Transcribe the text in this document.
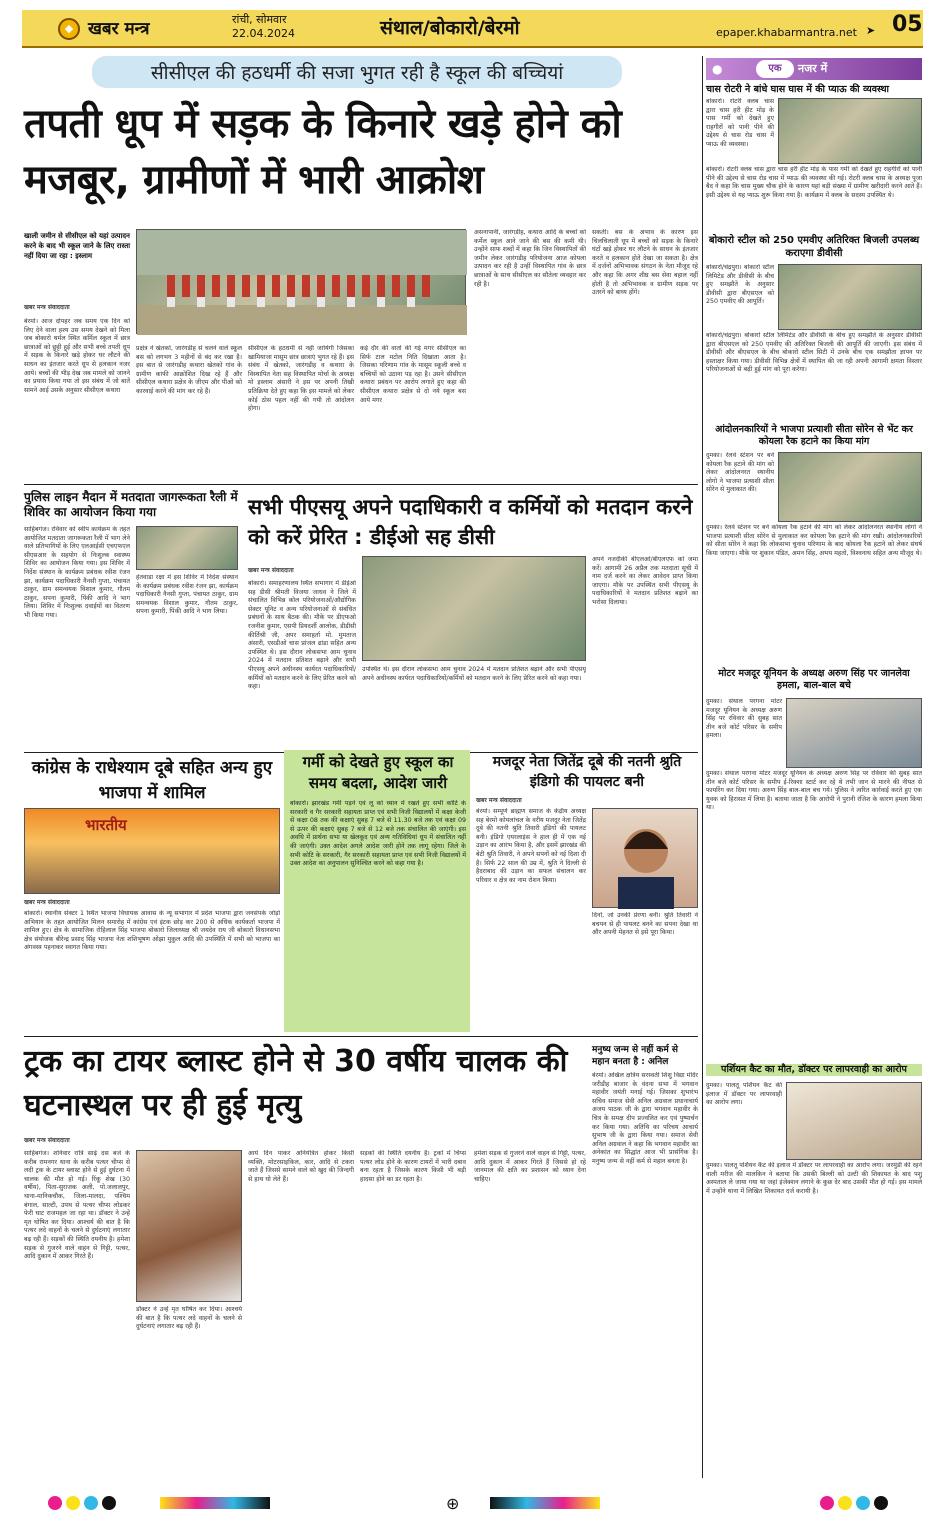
◆ खबर मन्त्र	रांची, सोमवार
22.04.2024	संथाल/बोकारो/बेरमो	epaper.khabarmantra.net ➤ 05
सीसीएल की हठधर्मी की सजा भुगत रही है स्कूल की बच्चियां
तपती धूप में सड़क के किनारे खड़े होने को मजबूर, ग्रामीणों में भारी आक्रोश
खाली जमीन से सीसीएल को यहां उत्पादन करने के बाद भी स्कूल जाने के लिए रास्ता नहीं दिया जा रहा : इस्लाम
खबर मन्त्र संवाददाता
बेरमो। आज दोपहर जब समय एक दिन को लिए देने वाला हश्य उस समय देखने को मिला जब बोकारो थर्मल स्थित कर्मिल स्कूल में छात्र छात्राओं को छुट्टी हुई और सभी बच्चे तपती धूप में सड़क के किनारे खड़े होकर घर लौटने की साधन का इंतजार करते धूप से हलकान नजर आये। बच्चों की भीड़ देख जब मामले को जानने का प्रयास किया गया तो इस संबंध में जो बातें सामने आई उसके अनुसार सीसीएल कथारा
प्रक्षेत्र ने खेतको, जारंगडीह से चलने वाले स्कूल बस को लगभग 3 महीनों से बंद कर रखा है। इस बात से जारंगडीह कथारा खेतको गांव के ग्रामीण काफी आक्रोशित दिख रहे हैं और सीसीएल कथारा प्रक्षेत्र के जीएम और पीओ को कारवाई करने की मांग कर रहे हैं।
सीसीएल के हठधर्मी से नही जाोयेगी जिसका खामियाजा मासूम छात्र छात्राएं भुगत रहे हैं। इस संबंध में खेतको, जारंगडीह व कथारा के विस्थापित नेता सह विस्थापित मोर्चा के अध्यक्ष मो इस्लाम अंसारी ने इस पर अपनी तिखी प्रतिक्रिया देते हुए कहा कि इस मामले को लेकर कोई ठोस पहल नहीं की गयी तो आंदोलन होगा।
कई दौर की वार्ता की गई मगर सीसीएल का सिर्फ टाल मटोल निति दिखाता आता है। जिसका परिणाम गांव के मासूम स्कूली बच्चे व बच्चियों को उठाना पड़ रहा है। उसने सीसीएल कथारा प्रबंधन पर आरोप लगाते हुए कहा की सीसीएल कथारा प्रक्षेत्र से दो नये स्कूल बस आये मगर
असनापानी, जारंगडीह, कथारा आदि के बच्चों को कर्मेल स्कूल आने जाने की बस की कमी थी। उन्होंने साफ शब्दों में कहा कि जिन विस्थापितों की जमीन लेकर जारंगडीह परियोजना आज कोयला उत्पादन कर रही है उन्हीं विस्थापित गांव के छात्र छात्राओं के साथ सीसीएल का सौतेला व्यवहार कर रही है।
सकती। बस के अभाव के कारण इस चिलचिलाती धूप में बच्चों को सड़क के किनारे घंटों खड़े होकर घर लौटने के साधन के इंतजार करते व हलकान होते देखा जा सकता है। क्षेत्र में दर्जनों अभिभावक संगठन के नेता मौजूद रहे और कहा कि अगर शीघ्र बस सेवा बहाल नहीं होती है तो अभिभावक व ग्रामीण सड़क पर उतरने को बाध्य होंगे।
पुलिस लाइन मैदान में मतदाता जागरूकता रैली में शिविर का आयोजन किया गया
साहिबगंज। रविवार को स्वीप कार्यक्रम के तहत आयोजित मतदाता जागरूकता रैली में भाग लेने वाले प्रतिभागियों के लिए एलआईसी एचएफएल सीएसआर के सहयोग से निःशुल्क स्वास्थ्य शिविर का आयोजन किया गया। इस शिविर में निर्देश संस्थान के कार्यक्रम प्रबंधक रवीश रंजन झा, कार्यक्रम पदाधिकारी नैनसी गुप्ता, पंचायत ठाकुर, ग्राम समन्वयक विशाल कुमार, गौतम ठाकुर, सपना कुमारी, पिंकी आदि ने भाग लिया। शिविर में निःशुल्क दवाईयों का वितरण भी किया गया।
हेतवाडा रक्षा में इस शिविर में निर्देश संस्थान के कार्यक्रम प्रबंधक रवीश रंजन झा, कार्यक्रम पदाधिकारी नैनसी गुप्ता, पंचायत ठाकुर, ग्राम समन्वयक विशाल कुमार, गौतम ठाकुर, सपना कुमारी, पिंकी आदि ने भाग लिया।
सभी पीएसयू अपने पदाधिकारी व कर्मियों को मतदान करने को करें प्रेरित : डीईओ सह डीसी
खबर मन्त्र संवाददाता
बोकारो। समाहरणालय स्थित सभागार में डीईओ सह डीसी श्रीमती विजया जाधव ने जिले में संचालित विभिन्न कोल परियोजनाओं/औद्योगिक सेक्टर यूनिट व अन्य परियोजनाओं से संबंधित प्रबंधनों के साथ बैठक की। मौके पर डीएफओ रजनीश कुमार, एसपी प्रियदर्शी आलोक, डीडीसी कीर्तिश्री जी, अपर समाहर्ता मो. मुमताज अंसारी, एसडीओ चास प्रांजल ढांडा सहित अन्य उपस्थित थे। इस दौरान लोकसभा आम चुनाव 2024 में मतदान प्रतिशत बढ़ाने और सभी पीएसयू अपने अधीनस्थ कार्यरत पदाधिकारियों/कर्मियों को मतदान करने के लिए प्रेरित करने को कहा।
उपस्थित थे। इस दौरान लोकसभा आम चुनाव 2024 में मतदान प्रतिशत बढ़ाने और सभी पीएसयू अपने अधीनस्थ कार्यरत पदाधिकारियों/कर्मियों को मतदान करने के लिए प्रेरित करने को कहा गया।
अपने नजदीकी बीएलओ/बीएलएफ को जमा करें। आगामी 26 अप्रैल तक मतदाता सूची में नाम दर्ज करने का लेकर आवेदन प्राप्त किया जाएगा। मौके पर उपस्थित सभी पीएसयू के पदाधिकारियों ने मतदान प्रतिशत बढ़ाने का भरोसा दिलाया।
कांग्रेस के राधेश्याम दूबे सहित अन्य हुए भाजपा में शामिल
भारतीय
खबर मन्त्र संवाददाता
बोकारो। स्थानीय सेक्टर 1 स्थित भाजपा विधायक आवास के न्यू सभागार में प्रदेश भाजपा द्वारा जनसंपर्क जोड़ो अभियान के तहत आयोजित मिलन समारोह में कांग्रेस एवं इंटक छोड़ कर 200 से अधिक कार्यकर्ता भाजपा में शामिल हुए। क्षेत्र के सामाजिक रोहिलाल सिंह भाजपा बोकारो जिलाध्यक्ष श्री जयदेव राय जी बोकारो विधानसभा क्षेत्र संयोजक बीरेन्द्र प्रसाद सिंह भाजपा नेता शशिभूषण ओझा मुकुल आदि की उपस्थिति में सभी को भाजपा का अंगवस्त्र पहनाकर स्वागत किया गया।
गर्मी को देखते हुए स्कूल का समय बदला, आदेश जारी
बोकारो। झारखंड गर्मी पड़ने एवं लू को ध्यान में रखते हुए सभी कोटि के सरकारी व गैर सरकारी सहायता प्राप्त एवं सभी निजी विद्यालयों में कक्षा केजी से कक्षा 08 तक की कक्षाएं सुबह 7 बजे से 11.30 बजे तक एवं कक्षा 09 से ऊपर की कक्षाएं सुबह 7 बजे से 12 बजे तक संचालित की जाएंगी। इस अवधि में प्रार्थना सभा या खेलकूद एवं अन्य गतिविधियां धूप में संचालित नहीं की जाएंगी। उक्त आदेश अगले आदेश जारी होने तक लागू रहेगा। जिले के सभी कोटि के सरकारी, गैर सरकारी सहायता प्राप्त एवं सभी निजी विद्यालयों में उक्त आदेश का अनुपालन सुनिश्चित करने को कहा गया है।
मजदूर नेता जितेंद्र दूबे की नतनी श्रुति इंडिगो की पायलट बनी
खबर मन्त्र संवाददाता
बेरमो। सम्पूर्ण ब्राह्मण समाज के केंद्रीय अध्यक्ष सह बेरमो कोयलांचल के वरीय मजदूर नेता जितेंद्र दूबे की नतनी श्रुति तिवारी इंडिगो की पायलट बनी। इंडिगो एयरलाइंस ने हाल ही में एक नई उड़ान का आरंभ किया है, और इसमें झारखंड की बेटी श्रुति तिवारी, ने अपने सपनों को नई दिशा दी है। सिर्फ 22 साल की उम्र में, श्रुति ने दिल्ली से हैदराबाद की उड़ान का सफल संचालन कर परिवार व क्षेत्र का नाम रोशन किया।
दिनों, जो उनकी प्रेरणा बनी। श्रुति तिवारी ने बचपन से ही पायलट बनने का सपना देखा था और अपनी मेहनत से इसे पूरा किया।
ट्रक का टायर ब्लास्ट होने से 30 वर्षीय चालक की घटनास्थल पर ही हुई मृत्यु
खबर मन्त्र संवाददाता
साहिबगंज। शनिवार रात्रि साढ़े दस बजे के करीब रामनगर थाना के करीब पत्थर चीप्स से लदी ट्रक के टायर ब्लास्ट होने से हुई दुर्घटना में चालक की मौत हो गई। रिंकू शेख (30 वर्षीय), पिता-सुराजक अली, पो.जलालपुर, थाना-मानिकचौक, जिला-मालदा, पश्चिम बंगाल, साल्टी, उपथ से पत्थर चीप्स लोडकर फेरी घाट राजमहल जा रहा था। डॉक्टर ने उन्हें मृत घोषित कर दिया। आश्चर्य की बात है कि पत्थर लदे वाहनों के चलने से दुर्घटनाएं लगातार बढ़ रही हैं। सड़कों की स्थिति दयनीय है। हमेशा सड़क से गुजरने वाले वाहन से गिट्टी, पत्थर, आदि दुकान में आकर गिरते हैं।
डॉक्टर ने उन्हें मृत घोषित कर दिया। आश्चर्य की बात है कि पत्थर लदे वाहनों के चलने से दुर्घटनाएं लगातार बढ़ रही हैं।
आये दिन पाकर अनियंत्रित होकर किसी व्यक्ति, मोटरसाइकिल, कार, आदि से टकरा जाते हैं जिससे सामने वाले को खुद की जिन्दगी से हाथ धो लेते हैं।
सड़कों की स्थिति दयनीय है। ट्रकों में चिप्स पत्थर लोड होने के कारण टायरों में भारी दबाव बना रहता है जिसके कारण किसी भी बड़ी हादसा होने का डर रहता है।
हमेशा सड़क से गुजरने वाले वाहन से गिट्टी, पत्थर, आदि दुकान में आकर गिरते हैं जिससे हो रहे जानमाल की क्षति का प्रशासन को ध्यान देना चाहिए।
मनुष्य जन्म से नहीं कर्म से महान बनता है : अनिल
बेरमो। अखिल क्षत्रिय सरस्वती शिशु विद्या मंदिर जरीडीह बाजार के वंदना सभा में भगवान महावीर जयंती मनाई गई। जिसका शुभारंभ सचिव समाज सेवी अनिल अग्रवाल प्रधानाचार्य अजय पाठक जी के द्वारा भगवान महावीर के चित्र के समक्ष दीप प्रज्वलित कर एवं पुष्पार्चन कर किया गया। अतिथि का परिचय आचार्य सुभाष जी के द्वारा किया गया। समाज सेवी अनिल अग्रवाल ने कहा कि भगवान महावीर का अनेकांत का सिद्धांत आज भी प्रासंगिक है। मनुष्य जन्म से नहीं कर्म से महान बनता है।
एक	नजर में
●
चास रोटरी ने बांधे घास घास में की प्याऊ की व्यवस्था
बोकारो। रोटरी क्लब चास द्वारा चास हरी हीट मोड़ के पास गर्मी को देखते हुए राहगीरों को पानी पीने की उद्देश्य से चास रोड चास में प्याऊ की व्यवस्था।
बोकारो। रोटरी क्लब चास द्वारा चास हरी हीट मोड़ के पास गर्मी को देखते हुए राहगीरों को पानी पीने की उद्देश्य से चास रोड चास में प्याऊ की व्यवस्था की गई। रोटरी क्लब चास के अध्यक्ष पूजा बैद ने कहा कि चास मुख्य चौक होने के कारण यहां बड़ी संख्या में ग्रामीण खरीदारी करने आते हैं। इसी उद्देश्य से यह प्याऊ शुरू किया गया है। कार्यक्रम में क्लब के सदस्य उपस्थित थे।
बोकारो स्टील को 250 एमवीए अतिरिक्त बिजली उपलब्ध कराएगा डीवीसी
बोकारो/चंद्रपुरा। बोकारो स्टील लिमिटेड और डीवीसी के बीच हुए समझौते के अनुसार डीवीसी द्वारा बीएसएल को 250 एमवीए की आपूर्ति।
बोकारो/चंद्रपुरा। बोकारो स्टील लिमिटेड और डीवीसी के बीच हुए समझौते के अनुसार डीवीसी द्वारा बीएसएल को 250 एमवीए की अतिरिक्त बिजली की आपूर्ति की जाएगी। इस संबंध में डीवीसी और बीएसएल के बीच बोकारो स्टील सिटी में उनके बीच एक समझौता ज्ञापन पर हस्ताक्षर किया गया। डीवीसी विभिन्न क्षेत्रों में स्थापित की जा रही अपनी आगामी क्षमता विस्तार परियोजनाओं से बढ़ी हुई मांग को पूरा करेगा।
आंदोलनकारियों ने भाजपा प्रत्याशी सीता सोरेन से भेंट कर कोयला रैक हटाने का किया मांग
दुमका। रेलवे स्टेशन पर बने कोयला रैक हटाने की मांग को लेकर आंदोलनरत स्थानीय लोगो ने भाजपा प्रत्याशी सीता सोरेन से मुलाकात की।
दुमका। रेलवे स्टेशन पर बने कोयला रैक हटाने की मांग को लेकर आंदोलनरत स्थानीय लोगो ने भाजपा प्रत्याशी सीता सोरेन से मुलाकात कर कोयला रैक हटाने की मांग रखी। आंदोलनकारियों को सीता सोरेन ने कहा कि लोकसभा चुनाव परिणाम के बाद कोयला रैक हटाने को लेकर संघर्ष किया जाएगा। मौके पर शुकान पंडित, अमन सिंह, अभय महतो, विश्वनाथ सहित अन्य मौजूद थे।
मोटर मजदूर यूनियन के अध्यक्ष अरुण सिंह पर जानलेवा हमला, बाल-बाल बचे
दुमका। संथाल परगना मोटर मजदूर यूनियन के अध्यक्ष अरुण सिंह पर रविवार की सुबह सात तीन बजे कोर्ट परिसर के समीप हमला।
दुमका। संथाल परगना मोटर मजदूर यूनियन के अध्यक्ष अरुण सिंह पर रविवार की सुबह सात तीन बजे कोर्ट परिसर के समीप ई-रिक्शा स्टार्ट कर रहे थे तभी जान से मारने की नीयत से फायरिंग कर दिया गया। अरुण सिंह बाल-बाल बच गये। पुलिस ने त्वरित कार्रवाई करते हुए एक युवक को हिरासत में लिया है। बताया जाता है कि आरोपी ने पुरानी रंजिश के कारण हमला किया था।
पर्शियन कैट का मौत, डॉक्टर पर लापरवाही का आरोप
दुमका। पालतू पर्शियन कैट की इलाज में डॉक्टर पर लापरवाही का आरोप लगा।
दुमका। पालतू पर्शियन कैट की इलाज में डॉक्टर पर लापरवाही का आरोप लगा। जरमुंडी की रहने वाली मरीज की मालकिन ने बताया कि उसकी बिल्ली को उल्टी की शिकायत के बाद पशु अस्पताल ले जाया गया था जहां इंजेक्शन लगाने के कुछ देर बाद उसकी मौत हो गई। इस मामले में उन्होंने थाना में लिखित शिकायत दर्ज करायी है।
⊕
